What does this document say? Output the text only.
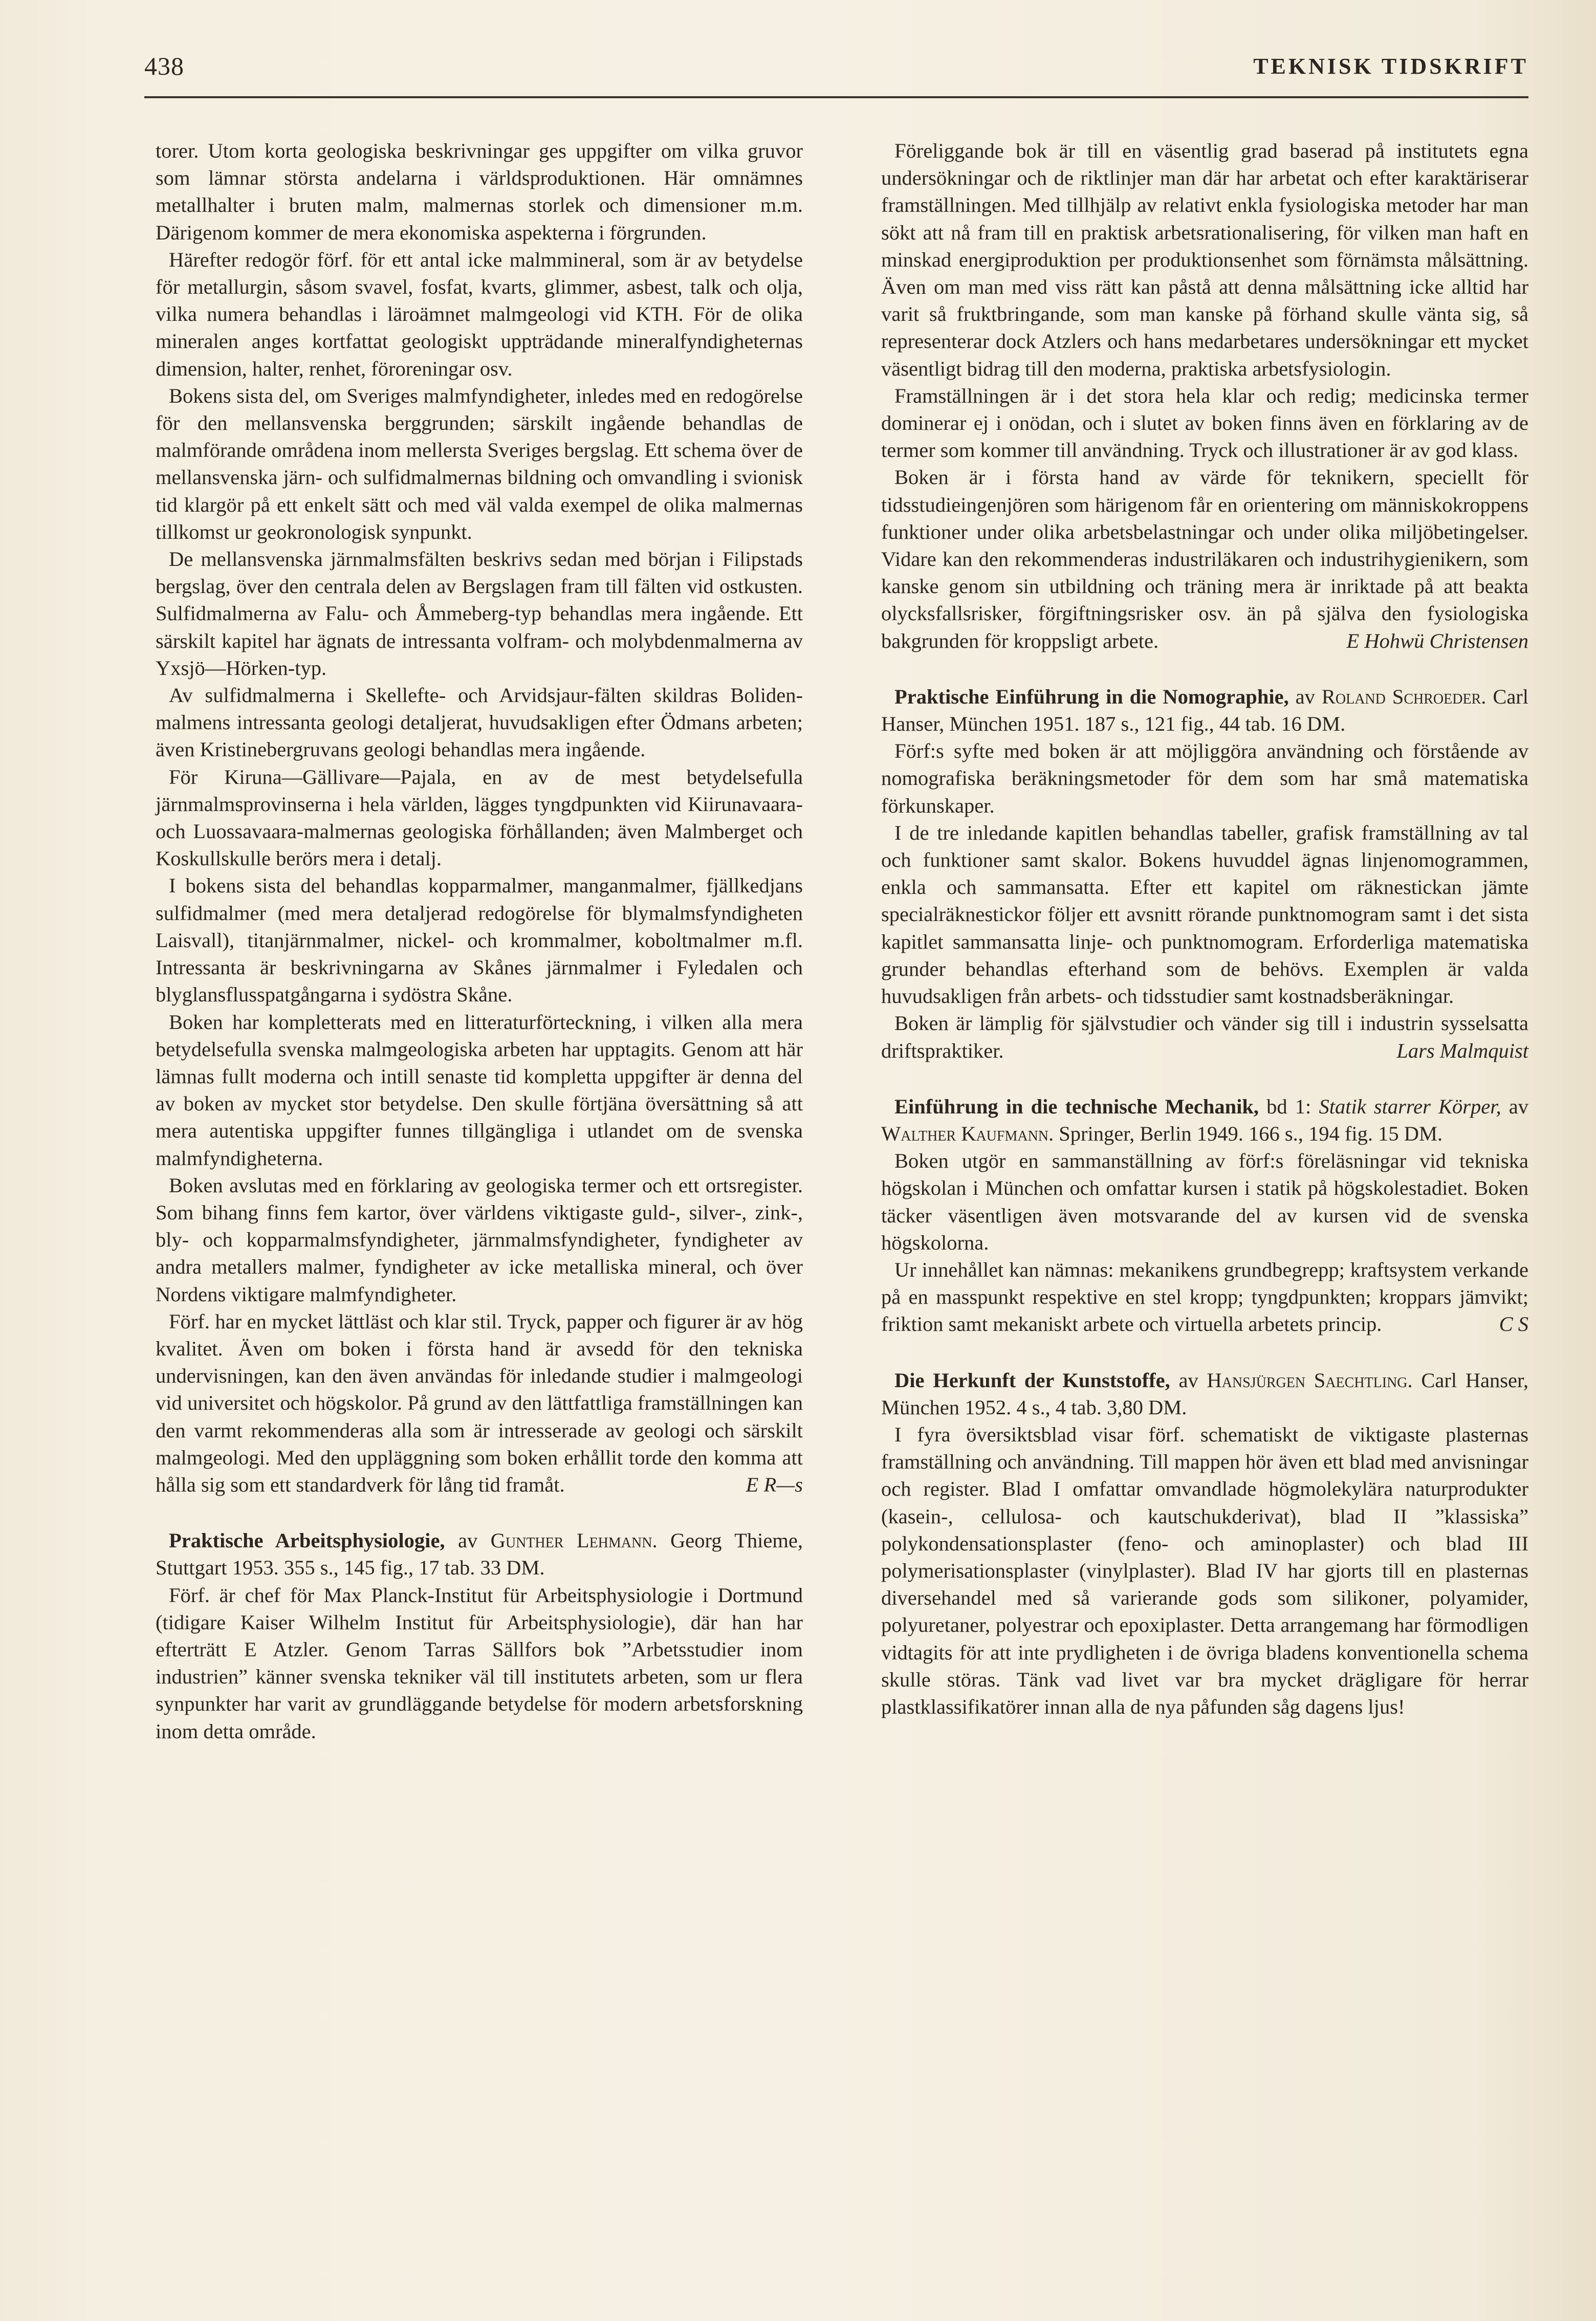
438	TEKNISK TIDSKRIFT

torer. Utom korta geologiska beskrivningar ges uppgifter om vilka gruvor som lämnar största andelarna i världsproduktionen. Här omnämnes metallhalter i bruten malm, malmernas storlek och dimensioner m.m. Därigenom kommer de mera ekonomiska aspekterna i förgrunden.

Härefter redogör förf. för ett antal icke malmmineral, som är av betydelse för metallurgin, såsom svavel, fosfat, kvarts, glimmer, asbest, talk och olja, vilka numera behandlas i läroämnet malmgeologi vid KTH. För de olika mineralen anges kortfattat geologiskt uppträdande mineralfyndigheternas dimension, halter, renhet, föroreningar osv.

Bokens sista del, om Sveriges malmfyndigheter, inledes med en redogörelse för den mellansvenska berggrunden; särskilt ingående behandlas de malmförande områdena inom mellersta Sveriges bergslag. Ett schema över de mellansvenska järn- och sulfidmalmernas bildning och omvandling i svionisk tid klargör på ett enkelt sätt och med väl valda exempel de olika malmernas tillkomst ur geokronologisk synpunkt.

De mellansvenska järnmalmsfälten beskrivs sedan med början i Filipstads bergslag, över den centrala delen av Bergslagen fram till fälten vid ostkusten. Sulfidmalmerna av Falu- och Åmmeberg-typ behandlas mera ingående. Ett särskilt kapitel har ägnats de intressanta volfram- och molybdenmalmerna av Yxsjö—Hörken-typ.

Av sulfidmalmerna i Skellefte- och Arvidsjaur-fälten skildras Boliden-malmens intressanta geologi detaljerat, huvudsakligen efter Ödmans arbeten; även Kristinebergruvans geologi behandlas mera ingående.

För Kiruna—Gällivare—Pajala, en av de mest betydelsefulla järnmalmsprovinserna i hela världen, lägges tyngdpunkten vid Kiirunavaara- och Luossavaara-malmernas geologiska förhållanden; även Malmberget och Koskullskulle berörs mera i detalj.

I bokens sista del behandlas kopparmalmer, manganmalmer, fjällkedjans sulfidmalmer (med mera detaljerad redogörelse för blymalmsfyndigheten Laisvall), titanjärnmalmer, nickel- och krommalmer, koboltmalmer m.fl. Intressanta är beskrivningarna av Skånes järnmalmer i Fyledalen och blyglansflusspatgångarna i sydöstra Skåne.

Boken har kompletterats med en litteraturförteckning, i vilken alla mera betydelsefulla svenska malmgeologiska arbeten har upptagits. Genom att här lämnas fullt moderna och intill senaste tid kompletta uppgifter är denna del av boken av mycket stor betydelse. Den skulle förtjäna översättning så att mera autentiska uppgifter funnes tillgängliga i utlandet om de svenska malmfyndigheterna.

Boken avslutas med en förklaring av geologiska termer och ett ortsregister. Som bihang finns fem kartor, över världens viktigaste guld-, silver-, zink-, bly- och kopparmalmsfyndigheter, järnmalmsfyndigheter, fyndigheter av andra metallers malmer, fyndigheter av icke metalliska mineral, och över Nordens viktigare malmfyndigheter.

Förf. har en mycket lättläst och klar stil. Tryck, papper och figurer är av hög kvalitet. Även om boken i första hand är avsedd för den tekniska undervisningen, kan den även användas för inledande studier i malmgeologi vid universitet och högskolor. På grund av den lättfattliga framställningen kan den varmt rekommenderas alla som är intresserade av geologi och särskilt malmgeologi. Med den uppläggning som boken erhållit torde den komma att hålla sig som ett standardverk för lång tid framåt.	E R—s

Praktische Arbeitsphysiologie, av Gunther Lehmann. Georg Thieme, Stuttgart 1953. 355 s., 145 fig., 17 tab. 33 DM.

Förf. är chef för Max Planck-Institut für Arbeitsphysiologie i Dortmund (tidigare Kaiser Wilhelm Institut für Arbeitsphysiologie), där han har efterträtt E Atzler. Genom Tarras Sällfors bok ”Arbetsstudier inom industrien” känner svenska tekniker väl till institutets arbeten, som ur flera synpunkter har varit av grundläggande betydelse för modern arbetsforskning inom detta område.

Föreliggande bok är till en väsentlig grad baserad på institutets egna undersökningar och de riktlinjer man där har arbetat och efter karaktäriserar framställningen. Med tillhjälp av relativt enkla fysiologiska metoder har man sökt att nå fram till en praktisk arbetsrationalisering, för vilken man haft en minskad energiproduktion per produktionsenhet som förnämsta målsättning. Även om man med viss rätt kan påstå att denna målsättning icke alltid har varit så fruktbringande, som man kanske på förhand skulle vänta sig, så representerar dock Atzlers och hans medarbetares undersökningar ett mycket väsentligt bidrag till den moderna, praktiska arbetsfysiologin.

Framställningen är i det stora hela klar och redig; medicinska termer dominerar ej i onödan, och i slutet av boken finns även en förklaring av de termer som kommer till användning. Tryck och illustrationer är av god klass.

Boken är i första hand av värde för teknikern, speciellt för tidsstudieingenjören som härigenom får en orientering om människokroppens funktioner under olika arbetsbelastningar och under olika miljöbetingelser. Vidare kan den rekommenderas industriläkaren och industrihygienikern, som kanske genom sin utbildning och träning mera är inriktade på att beakta olycksfallsrisker, förgiftningsrisker osv. än på själva den fysiologiska bakgrunden för kroppsligt arbete.	E Hohwü Christensen

Praktische Einführung in die Nomographie, av Roland Schroeder. Carl Hanser, München 1951. 187 s., 121 fig., 44 tab. 16 DM.

Förf:s syfte med boken är att möjliggöra användning och förstående av nomografiska beräkningsmetoder för dem som har små matematiska förkunskaper.

I de tre inledande kapitlen behandlas tabeller, grafisk framställning av tal och funktioner samt skalor. Bokens huvuddel ägnas linjenomogrammen, enkla och sammansatta. Efter ett kapitel om räknestickan jämte specialräknestickor följer ett avsnitt rörande punktnomogram samt i det sista kapitlet sammansatta linje- och punktnomogram. Erforderliga matematiska grunder behandlas efterhand som de behövs. Exemplen är valda huvudsakligen från arbets- och tidsstudier samt kostnadsberäkningar.

Boken är lämplig för självstudier och vänder sig till i industrin sysselsatta driftspraktiker.	Lars Malmquist

Einführung in die technische Mechanik, bd 1: Statik starrer Körper, av Walther Kaufmann. Springer, Berlin 1949. 166 s., 194 fig. 15 DM.

Boken utgör en sammanställning av förf:s föreläsningar vid tekniska högskolan i München och omfattar kursen i statik på högskolestadiet. Boken täcker väsentligen även motsvarande del av kursen vid de svenska högskolorna.

Ur innehållet kan nämnas: mekanikens grundbegrepp; kraftsystem verkande på en masspunkt respektive en stel kropp; tyngdpunkten; kroppars jämvikt; friktion samt mekaniskt arbete och virtuella arbetets princip.	C S

Die Herkunft der Kunststoffe, av Hansjürgen Saechtling. Carl Hanser, München 1952. 4 s., 4 tab. 3,80 DM.

I fyra översiktsblad visar förf. schematiskt de viktigaste plasternas framställning och användning. Till mappen hör även ett blad med anvisningar och register. Blad I omfattar omvandlade högmolekylära naturprodukter (kasein-, cellulosa- och kautschukderivat), blad II ”klassiska” polykondensationsplaster (feno- och aminoplaster) och blad III polymerisationsplaster (vinylplaster). Blad IV har gjorts till en plasternas diversehandel med så varierande gods som silikoner, polyamider, polyuretaner, polyestrar och epoxiplaster. Detta arrangemang har förmodligen vidtagits för att inte prydligheten i de övriga bladens konventionella schema skulle störas. Tänk vad livet var bra mycket drägligare för herrar plastklassifikatörer innan alla de nya påfunden såg dagens ljus!
